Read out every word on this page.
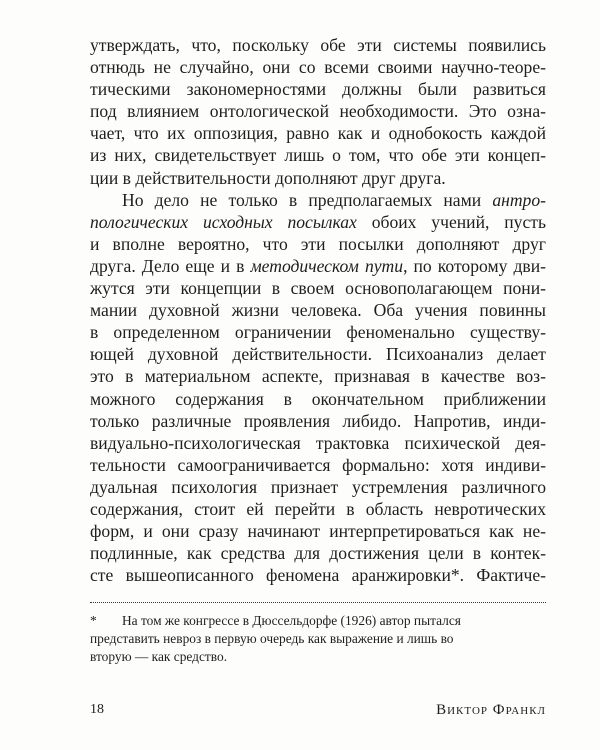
утверждать, что, поскольку обе эти системы появились
отнюдь не случайно, они со всеми своими научно-теоре-
тическими закономерностями должны были развиться
под влиянием онтологической необходимости. Это озна-
чает, что их оппозиция, равно как и однобокость каждой
из них, свидетельствует лишь о том, что обе эти концеп-
ции в действительности дополняют друг друга.
Но дело не только в предполагаемых нами антро-
пологических исходных посылках обоих учений, пусть
и вполне вероятно, что эти посылки дополняют друг
друга. Дело еще и в методическом пути, по которому дви-
жутся эти концепции в своем основополагающем пони-
мании духовной жизни человека. Оба учения повинны
в определенном ограничении феноменально существу-
ющей духовной действительности. Психоанализ делает
это в материальном аспекте, признавая в качестве воз-
можного содержания в окончательном приближении
только различные проявления либидо. Напротив, инди-
видуально-психологическая трактовка психической дея-
тельности самоограничивается формально: хотя индиви-
дуальная психология признает устремления различного
содержания, стоит ей перейти в область невротических
форм, и они сразу начинают интерпретироваться как не-
подлинные, как средства для достижения цели в контек-
сте вышеописанного феномена аранжировки*. Фактиче-
* На том же конгрессе в Дюссельдорфе (1926) автор пытался
представить невроз в первую очередь как выражение и лишь во
вторую — как средство.
18	Виктор Франкл
